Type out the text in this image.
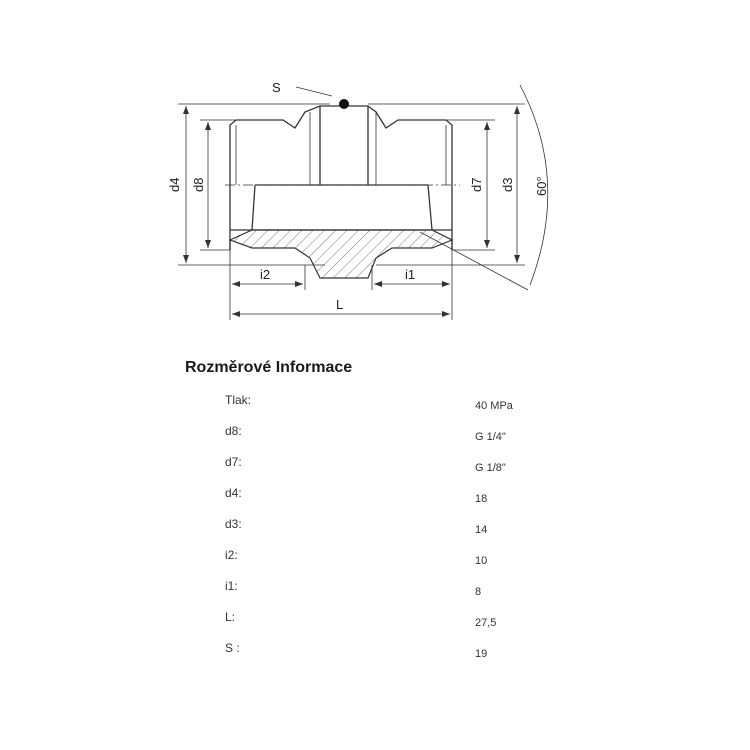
S
d4 d8	d7 d3 60°
i2	i1
L
Rozměrové Informace
Tlak:	40 MPa
d8:	G 1/4"
d7:	G 1/8"
d4:	18
d3:	14
i2:	10
i1:	8
L:	27,5
S :	19
